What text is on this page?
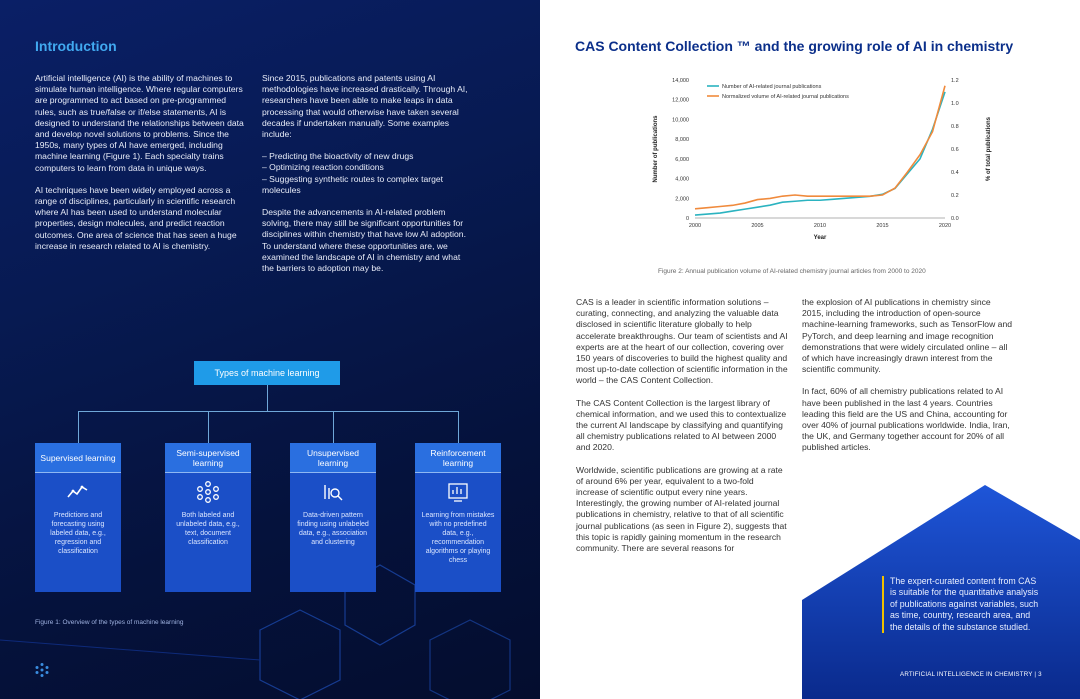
Introduction

Artificial intelligence (AI) is the ability of machines to simulate human intelligence. Where regular computers are programmed to act based on pre-programmed rules, such as true/false or if/else statements, AI is designed to understand the relationships between data and develop novel solutions to problems. Since the 1950s, many types of AI have emerged, including machine learning (Figure 1). Each specialty trains computers to learn from data in unique ways.

AI techniques have been widely employed across a range of disciplines, particularly in scientific research where AI has been used to understand molecular properties, design molecules, and predict reaction outcomes. One area of science that has seen a huge increase in research related to AI is chemistry.

Since 2015, publications and patents using AI methodologies have increased drastically. Through AI, researchers have been able to make leaps in data processing that would otherwise have taken several decades if undertaken manually. Some examples include:

– Predicting the bioactivity of new drugs
– Optimizing reaction conditions
– Suggesting synthetic routes to complex target molecules

Despite the advancements in AI-related problem solving, there may still be significant opportunities for disciplines within chemistry that have low AI adoption. To understand where these opportunities are, we examined the landscape of AI in chemistry and what the barriers to adoption may be.

Types of machine learning
Supervised learning
Predictions and forecasting using labeled data, e.g., regression and classification
Semi-supervised learning
Both labeled and unlabeled data, e.g., text, document classification
Unsupervised learning
Data-driven pattern finding using unlabeled data, e.g., association and clustering
Reinforcement learning
Learning from mistakes with no predefined data, e.g., recommendation algorithms or playing chess
Figure 1: Overview of the types of machine learning
CAS Content Collection ™ and the growing role of AI in chemistry
0
2,000
4,000
6,000
8,000
10,000
12,000
14,000
0.0
0.2
0.4
0.6
0.8
1.0
1.2
2000	2005	2010	2015	2020
Year
Number of publications	% of total publications
Number of AI-related journal publications
Normalized volume of AI-related journal publications
Figure 2: Annual publication volume of AI-related chemistry journal articles from 2000 to 2020

CAS is a leader in scientific information solutions – curating, connecting, and analyzing the valuable data disclosed in scientific literature globally to help accelerate breakthroughs. Our team of scientists and AI experts are at the heart of our collection, covering over 150 years of discoveries to build the highest quality and most up-to-date collection of scientific information in the world – the CAS Content Collection.

The CAS Content Collection is the largest library of chemical information, and we used this to contextualize the current AI landscape by classifying and quantifying all chemistry publications related to AI between 2000 and 2020.

Worldwide, scientific publications are growing at a rate of around 6% per year, equivalent to a two-fold increase of scientific output every nine years. Interestingly, the growing number of AI-related journal publications in chemistry, relative to that of all scientific journal publications (as seen in Figure 2), suggests that this topic is rapidly gaining momentum in the research community. There are several reasons for

the explosion of AI publications in chemistry since 2015, including the introduction of open-source machine-learning frameworks, such as TensorFlow and PyTorch, and deep learning and image recognition demonstrations that were widely circulated online – all of which have increasingly drawn interest from the scientific community.

In fact, 60% of all chemistry publications related to AI have been published in the last 4 years. Countries leading this field are the US and China, accounting for over 40% of journal publications worldwide. India, Iran, the UK, and Germany together account for 20% of all published articles.

The expert-curated content from CAS is suitable for the quantitative analysis of publications against variables, such as time, country, research area, and the details of the substance studied.
ARTIFICIAL INTELLIGENCE IN CHEMISTRY | 3
